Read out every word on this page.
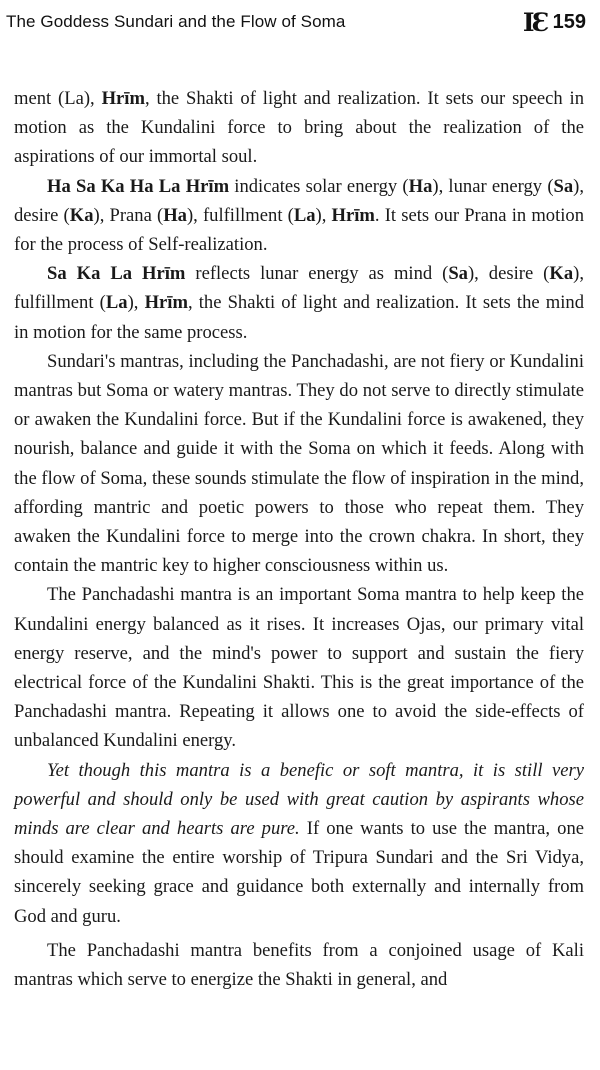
The Goddess Sundari and the Flow of Soma	IƐ 159

ment (La), Hrīm, the Shakti of light and realization. It sets our speech in motion as the Kundalini force to bring about the realization of the aspirations of our immortal soul.

Ha Sa Ka Ha La Hrīm indicates solar energy (Ha), lunar energy (Sa), desire (Ka), Prana (Ha), fulfillment (La), Hrīm. It sets our Prana in motion for the process of Self-realization.

Sa Ka La Hrīm reflects lunar energy as mind (Sa), desire (Ka), fulfillment (La), Hrīm, the Shakti of light and realization. It sets the mind in motion for the same process.

Sundari's mantras, including the Panchadashi, are not fiery or Kundalini mantras but Soma or watery mantras. They do not serve to directly stimulate or awaken the Kundalini force. But if the Kundalini force is awakened, they nourish, balance and guide it with the Soma on which it feeds. Along with the flow of Soma, these sounds stimulate the flow of inspiration in the mind, affording mantric and poetic powers to those who repeat them. They awaken the Kundalini force to merge into the crown chakra. In short, they contain the mantric key to higher consciousness within us.

The Panchadashi mantra is an important Soma mantra to help keep the Kundalini energy balanced as it rises. It increases Ojas, our primary vital energy reserve, and the mind's power to support and sustain the fiery electrical force of the Kundalini Shakti. This is the great importance of the Panchadashi mantra. Repeating it allows one to avoid the side-effects of unbalanced Kundalini energy.

Yet though this mantra is a benefic or soft mantra, it is still very powerful and should only be used with great caution by aspirants whose minds are clear and hearts are pure. If one wants to use the mantra, one should examine the entire worship of Tripura Sundari and the Sri Vidya, sincerely seeking grace and guidance both externally and internally from God and guru.

The Panchadashi mantra benefits from a conjoined usage of Kali mantras which serve to energize the Shakti in general, and
